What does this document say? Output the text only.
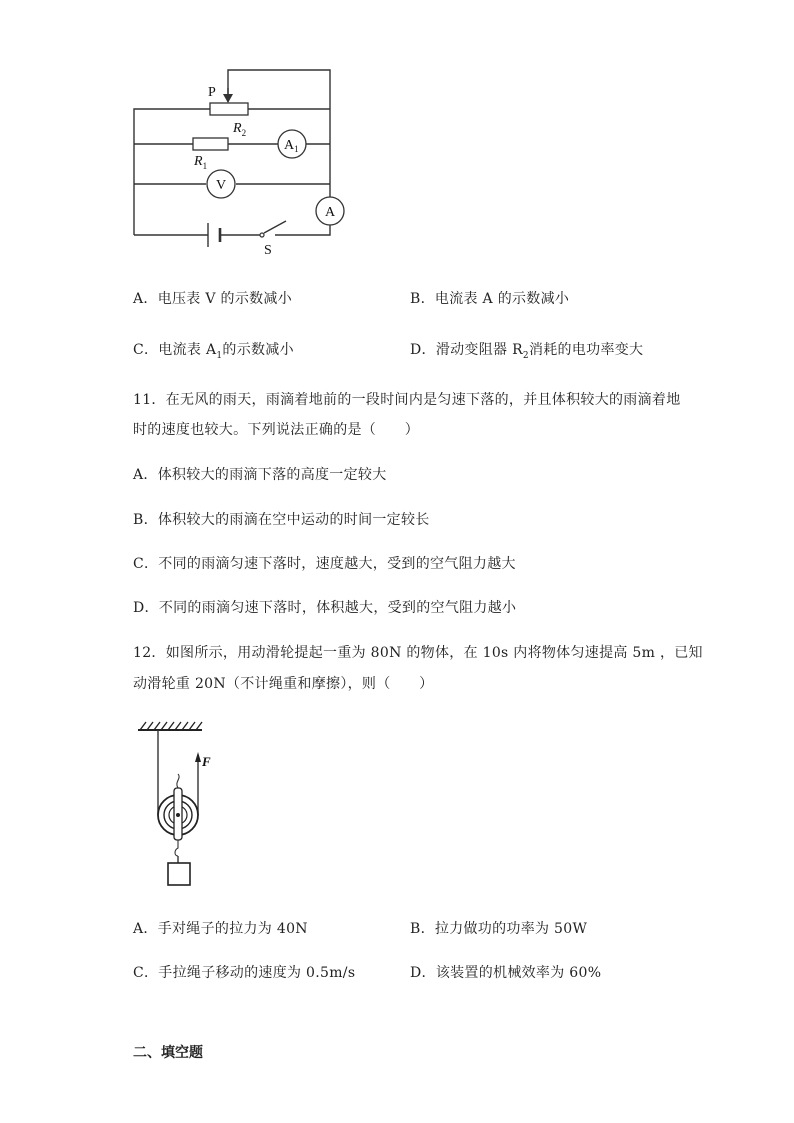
P
$R_2$
$R_1$
$A_1$
V
A
S
A．电压表 V 的示数减小	B．电流表 A 的示数减小
C．电流表 $A_1$的示数减小	D．滑动变阻器 $R_2$消耗的电功率变大
11．在无风的雨天，雨滴着地前的一段时间内是匀速下落的，并且体积较大的雨滴着地
时的速度也较大。下列说法正确的是（　　）
A．体积较大的雨滴下落的高度一定较大
B．体积较大的雨滴在空中运动的时间一定较长
C．不同的雨滴匀速下落时，速度越大，受到的空气阻力越大
D．不同的雨滴匀速下落时，体积越大，受到的空气阻力越小
12．如图所示，用动滑轮提起一重为 80N 的物体，在 10s 内将物体匀速提高 5m ，已知
动滑轮重 20N（不计绳重和摩擦），则（　　）
F
A．手对绳子的拉力为 40N	B．拉力做功的功率为 50W
C．手拉绳子移动的速度为 0.5m/s	D．该装置的机械效率为 60%
二、填空题
